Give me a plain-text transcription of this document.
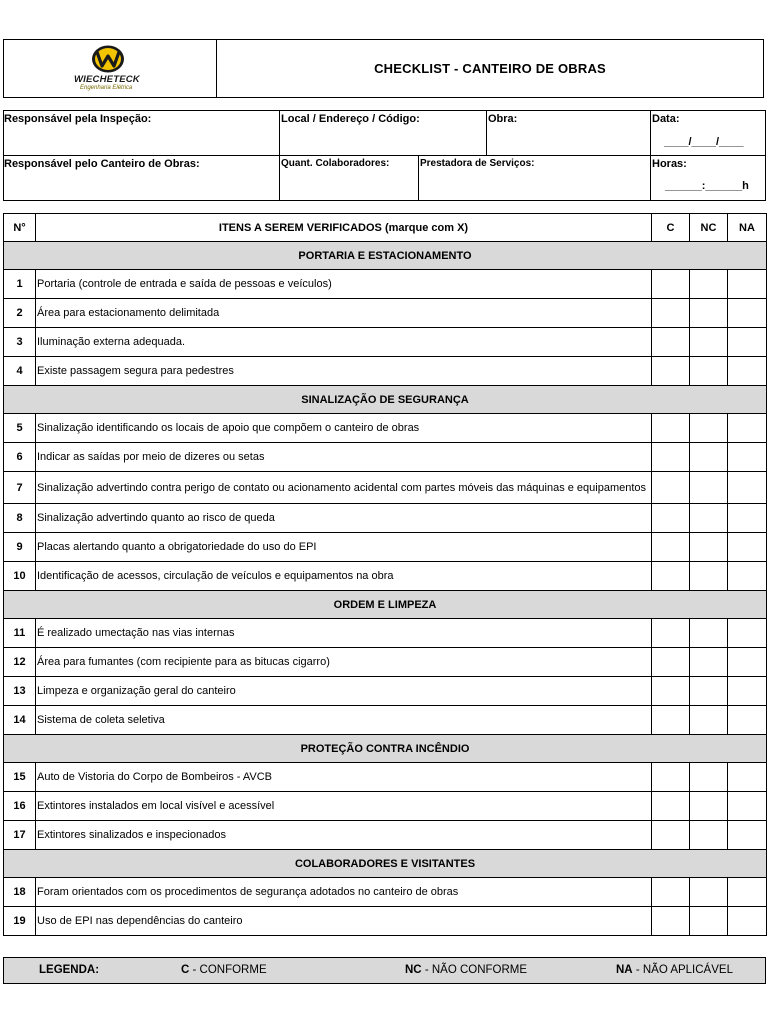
WIECHETECK
Engenharia Elétrica
CHECKLIST - CANTEIRO DE OBRAS
Responsável pela Inspeção:	Local / Endereço / Código:	Obra:	Data:
____/____/____
Responsável pelo Canteiro de Obras:	Quant. Colaboradores:	Prestadora de Serviços:	Horas:
______:______h
N°	ITENS A SEREM VERIFICADOS (marque com X)	C	NC	NA
PORTARIA E ESTACIONAMENTO				
1	Portaria (controle de entrada e saída de pessoas e veículos)			
2	Área para estacionamento delimitada			
3	Iluminação externa adequada.			
4	Existe passagem segura para pedestres			
SINALIZAÇÃO DE SEGURANÇA				
5	Sinalização identificando os locais de apoio que compõem o canteiro de obras			
6	Indicar as saídas por meio de dizeres ou setas			
7	Sinalização advertindo contra perigo de contato ou acionamento acidental com partes móveis das máquinas e equipamentos			
8	Sinalização advertindo quanto ao risco de queda			
9	Placas alertando quanto a obrigatoriedade do uso do EPI			
10	Identificação de acessos, circulação de veículos e equipamentos na obra			
ORDEM E LIMPEZA				
11	É realizado umectação nas vias internas			
12	Área para fumantes (com recipiente para as bitucas cigarro)			
13	Limpeza e organização geral do canteiro			
14	Sistema de coleta seletiva			
PROTEÇÃO CONTRA INCÊNDIO				
15	Auto de Vistoria do Corpo de Bombeiros - AVCB			
16	Extintores instalados em local visível e acessível			
17	Extintores sinalizados e inspecionados			
COLABORADORES E VISITANTES				
18	Foram orientados com os procedimentos de segurança adotados no canteiro de obras			
19	Uso de EPI nas dependências do canteiro			
LEGENDA:	C - CONFORME	NC - NÃO CONFORME	NA - NÃO APLICÁVEL
